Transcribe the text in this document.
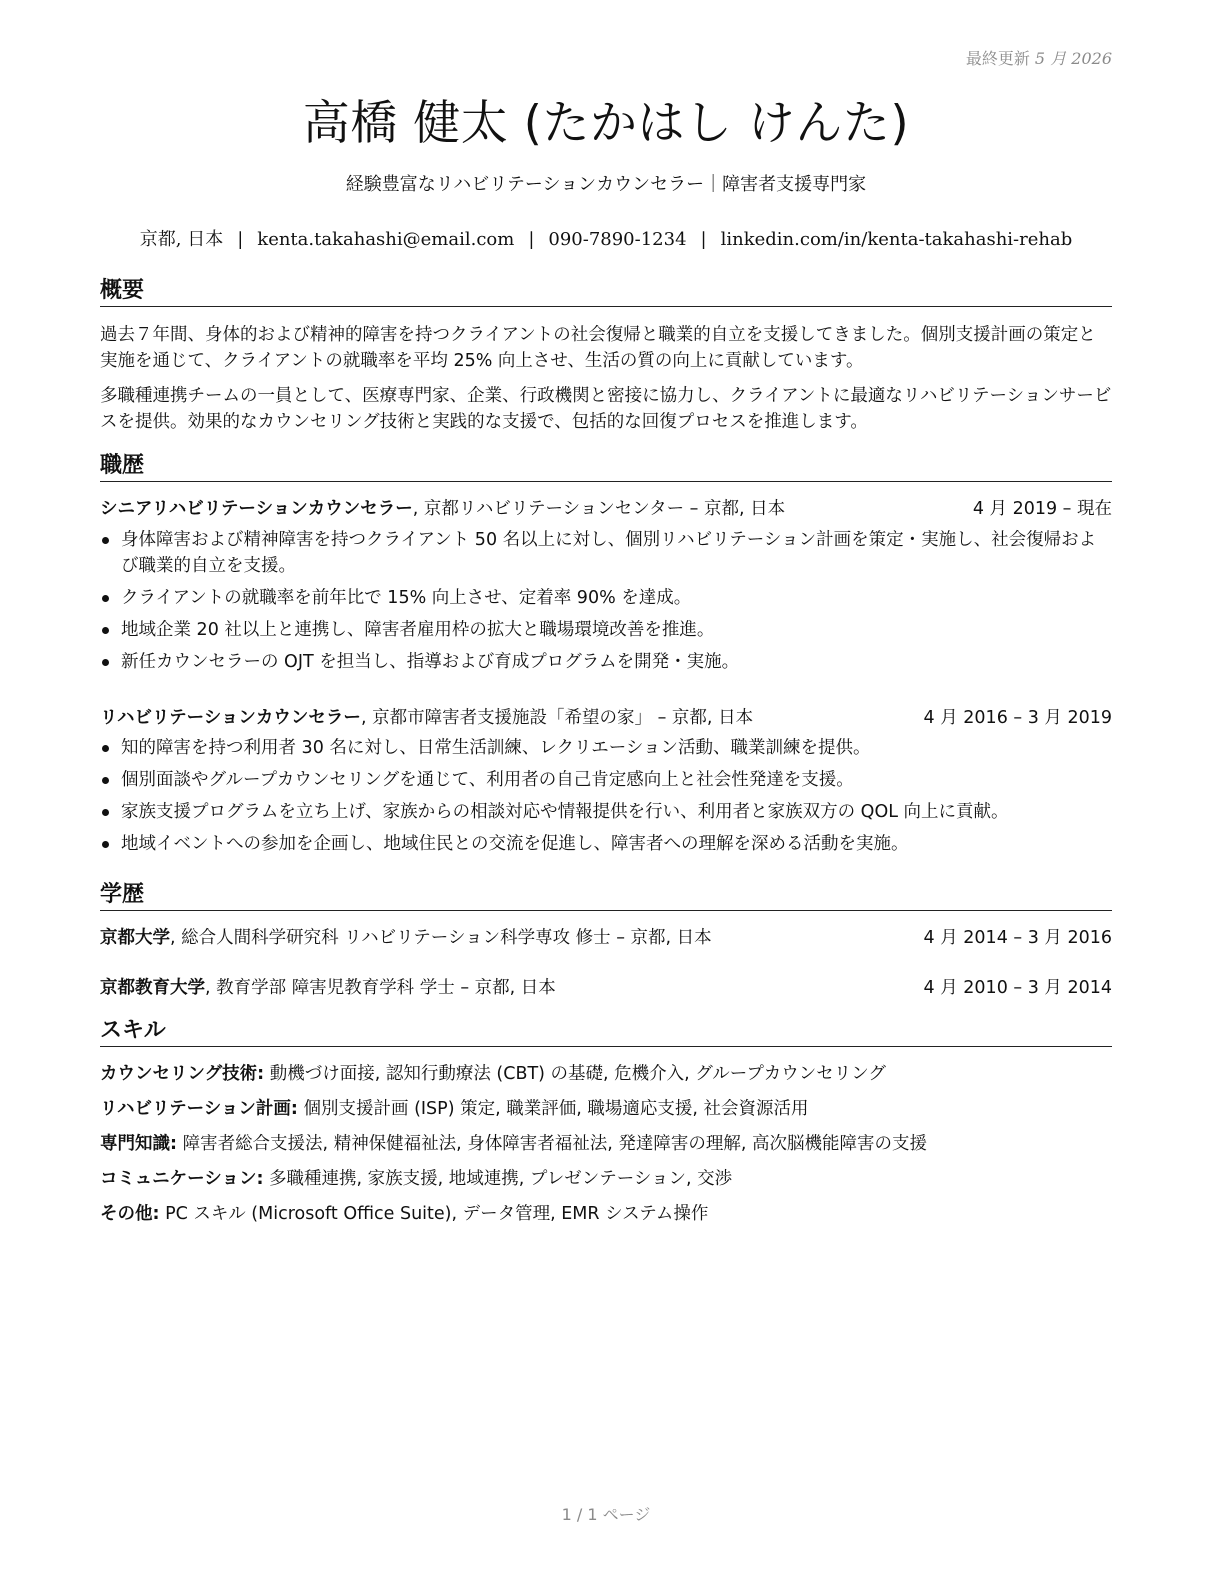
最終更新 5 月 2026
高橋 健太 (たかはし けんた)
経験豊富なリハビリテーションカウンセラー｜障害者支援専門家
京都, 日本 | kenta.takahashi@email.com | 090-7890-1234 | linkedin.com/in/kenta-takahashi-rehab
概要

過去７年間、身体的および精神的障害を持つクライアントの社会復帰と職業的自立を支援してきました。個別支援計画の策定と実施を通じて、クライアントの就職率を平均 25% 向上させ、生活の質の向上に貢献しています。

多職種連携チームの一員として、医療専門家、企業、行政機関と密接に協力し、クライアントに最適なリハビリテーションサービスを提供。効果的なカウンセリング技術と実践的な支援で、包括的な回復プロセスを推進します。

職歴
シニアリハビリテーションカウンセラー, 京都リハビリテーションセンター – 京都, 日本	4 月 2019 – 現在
身体障害および精神障害を持つクライアント 50 名以上に対し、個別リハビリテーション計画を策定・実施し、社会復帰および職業的自立を支援。
クライアントの就職率を前年比で 15% 向上させ、定着率 90% を達成。
地域企業 20 社以上と連携し、障害者雇用枠の拡大と職場環境改善を推進。
新任カウンセラーの OJT を担当し、指導および育成プログラムを開発・実施。
リハビリテーションカウンセラー, 京都市障害者支援施設「希望の家」 – 京都, 日本	4 月 2016 – 3 月 2019
知的障害を持つ利用者 30 名に対し、日常生活訓練、レクリエーション活動、職業訓練を提供。
個別面談やグループカウンセリングを通じて、利用者の自己肯定感向上と社会性発達を支援。
家族支援プログラムを立ち上げ、家族からの相談対応や情報提供を行い、利用者と家族双方の QOL 向上に貢献。
地域イベントへの参加を企画し、地域住民との交流を促進し、障害者への理解を深める活動を実施。
学歴
京都大学, 総合人間科学研究科 リハビリテーション科学専攻 修士 – 京都, 日本	4 月 2014 – 3 月 2016
京都教育大学, 教育学部 障害児教育学科 学士 – 京都, 日本	4 月 2010 – 3 月 2014
スキル
カウンセリング技術: 動機づけ面接, 認知行動療法 (CBT) の基礎, 危機介入, グループカウンセリング
リハビリテーション計画: 個別支援計画 (ISP) 策定, 職業評価, 職場適応支援, 社会資源活用
専門知識: 障害者総合支援法, 精神保健福祉法, 身体障害者福祉法, 発達障害の理解, 高次脳機能障害の支援
コミュニケーション: 多職種連携, 家族支援, 地域連携, プレゼンテーション, 交渉
その他: PC スキル (Microsoft Office Suite), データ管理, EMR システム操作
1 / 1 ページ
